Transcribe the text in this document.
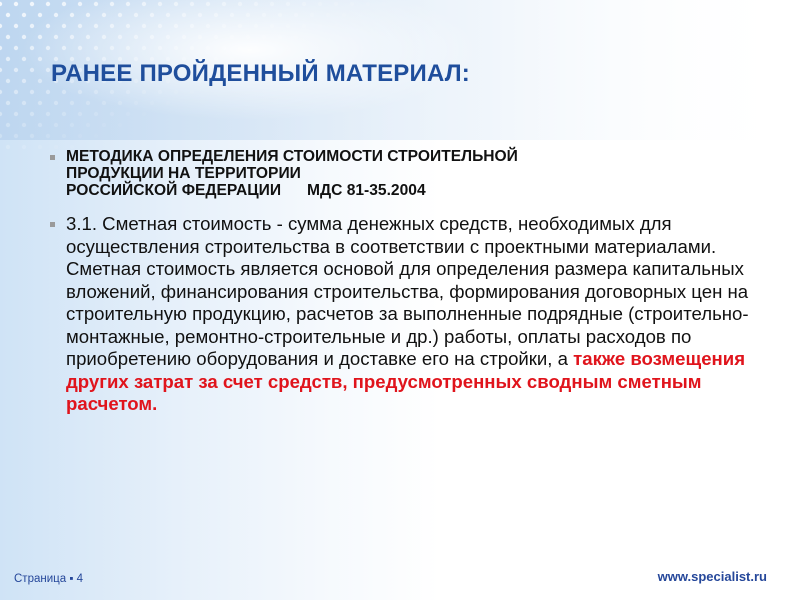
РАНЕЕ ПРОЙДЕННЫЙ МАТЕРИАЛ:
МЕТОДИКА ОПРЕДЕЛЕНИЯ СТОИМОСТИ СТРОИТЕЛЬНОЙ
ПРОДУКЦИИ НА ТЕРРИТОРИИ
РОССИЙСКОЙ ФЕДЕРАЦИИ      МДС 81-35.2004
3.1. Сметная стоимость - сумма денежных средств, необходимых для осуществления строительства в соответствии с проектными материалами. Сметная стоимость является основой для определения размера капитальных вложений, финансирования строительства, формирования договорных цен на строительную продукцию, расчетов за выполненные подрядные (строительно-монтажные, ремонтно-строительные и др.) работы, оплаты расходов по приобретению оборудования и доставке его на стройки, а также возмещения других затрат за счет средств, предусмотренных сводным сметным расчетом.
Страница ▪ 4	www.specialist.ru
